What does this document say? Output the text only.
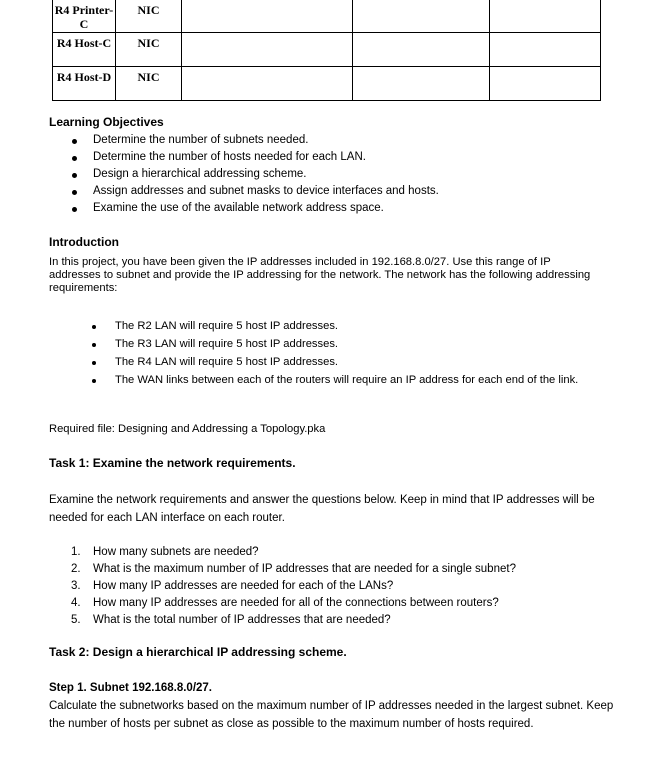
R4 Printer-C	NIC			
R4 Host-C	NIC			
R4 Host-D	NIC			
Learning Objectives
Determine the number of subnets needed.
Determine the number of hosts needed for each LAN.
Design a hierarchical addressing scheme.
Assign addresses and subnet masks to device interfaces and hosts.
Examine the use of the available network address space.
Introduction
In this project, you have been given the IP addresses included in 192.168.8.0/27. Use this range of IP addresses to subnet and provide the IP addressing for the network. The network has the following addressing requirements:
The R2 LAN will require 5 host IP addresses.
The R3 LAN will require 5 host IP addresses.
The R4 LAN will require 5 host IP addresses.
The WAN links between each of the routers will require an IP address for each end of the link.
Required file: Designing and Addressing a Topology.pka
Task 1: Examine the network requirements.
Examine the network requirements and answer the questions below. Keep in mind that IP addresses will be needed for each LAN interface on each router.
1. How many subnets are needed?
2. What is the maximum number of IP addresses that are needed for a single subnet?
3. How many IP addresses are needed for each of the LANs?
4. How many IP addresses are needed for all of the connections between routers?
5. What is the total number of IP addresses that are needed?
Task 2: Design a hierarchical IP addressing scheme.
Step 1. Subnet 192.168.8.0/27.
Calculate the subnetworks based on the maximum number of IP addresses needed in the largest subnet. Keep the number of hosts per subnet as close as possible to the maximum number of hosts required.
